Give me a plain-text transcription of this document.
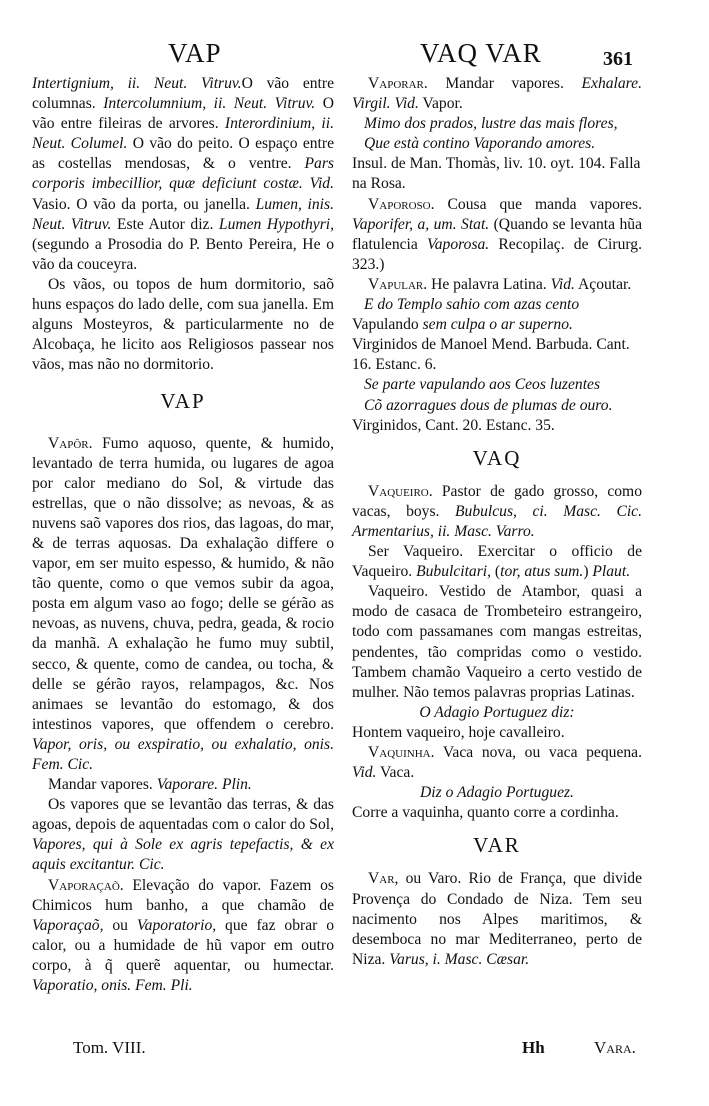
VAP	VAQ VAR	361

Intertignium, ii. Neut. Vitruv.O vão entre columnas. Intercolumnium, ii. Neut. Vitruv. O vão entre fileiras de arvores. Interordinium, ii. Neut. Columel. O vão do peito. O espaço entre as costellas mendosas, & o ventre. Pars corporis imbecillior, quæ deficiunt costæ. Vid. Vasio. O vão da porta, ou janella. Lumen, inis. Neut. Vitruv. Este Autor diz. Lumen Hypothyri, (segundo a Prosodia do P. Bento Pereira, He o vão da couceyra.

Os vãos, ou topos de hum dormitorio, saõ huns espaços do lado delle, com sua janella. Em alguns Mosteyros, & particularmente no de Alcobaça, he licito aos Religiosos passear nos vãos, mas não no dormitorio.

VAP

Vapôr. Fumo aquoso, quente, & humido, levantado de terra humida, ou lugares de agoa por calor mediano do Sol, & virtude das estrellas, que o não dissolve; as nevoas, & as nuvens saõ vapores dos rios, das lagoas, do mar, & de terras aquosas. Da exhalação differe o vapor, em ser muito espesso, & humido, & não tão quente, como o que vemos subir da agoa, posta em algum vaso ao fogo; delle se gérão as nevoas, as nuvens, chuva, pedra, geada, & rocio da manhã. A exhalação he fumo muy subtil, secco, & quente, como de candea, ou tocha, & delle se gérão rayos, relampagos, &c. Nos animaes se levantão do estomago, & dos intestinos vapores, que offendem o cerebro. Vapor, oris, ou exspiratio, ou exhalatio, onis. Fem. Cic.

Mandar vapores. Vaporare. Plin.

Os vapores que se levantão das terras, & das agoas, depois de aquentadas com o calor do Sol, Vapores, qui à Sole ex agris tepefactis, & ex aquis excitantur. Cic.

Vaporaçaõ. Elevação do vapor. Fazem os Chimicos hum banho, a que chamão de Vaporaçaõ, ou Vaporatorio, que faz obrar o calor, ou a humidade de hũ vapor em outro corpo, à q̃ querẽ aquentar, ou humectar. Vaporatio, onis. Fem. Pli.

Vaporar. Mandar vapores. Exhalare. Virgil. Vid. Vapor.

Mimo dos prados, lustre das mais flores,

Que està contino Vaporando amores.

Insul. de Man. Thomàs, liv. 10. oyt. 104. Falla na Rosa.

Vaporoso. Cousa que manda vapores. Vaporifer, a, um. Stat. (Quando se levanta hũa flatulencia Vaporosa. Recopilaç. de Cirurg. 323.)

Vapular. He palavra Latina. Vid. Açoutar.

E do Templo sahio com azas cento

Vapulando sem culpa o ar superno.

Virginidos de Manoel Mend. Barbuda. Cant. 16. Estanc. 6.

Se parte vapulando aos Ceos luzentes

Cõ azorragues dous de plumas de ouro.

Virginidos, Cant. 20. Estanc. 35.

VAQ

Vaqueiro. Pastor de gado grosso, como vacas, boys. Bubulcus, ci. Masc. Cic. Armentarius, ii. Masc. Varro.

Ser Vaqueiro. Exercitar o officio de Vaqueiro. Bubulcitari, (tor, atus sum.) Plaut.

Vaqueiro. Vestido de Atambor, quasi a modo de casaca de Trombeteiro estrangeiro, todo com passamanes com mangas estreitas, pendentes, tão compridas como o vestido. Tambem chamão Vaqueiro a certo vestido de mulher. Não temos palavras proprias Latinas.

O Adagio Portuguez diz:

Hontem vaqueiro, hoje cavalleiro.

Vaquinha. Vaca nova, ou vaca pequena. Vid. Vaca.

Diz o Adagio Portuguez.

Corre a vaquinha, quanto corre a cordinha.

VAR

Var, ou Varo. Rio de França, que divide Provença do Condado de Niza. Tem seu nacimento nos Alpes maritimos, & desemboca no mar Mediterraneo, perto de Niza. Varus, i. Masc. Cæsar.

Tom. VIII.	Hh	Vara.
